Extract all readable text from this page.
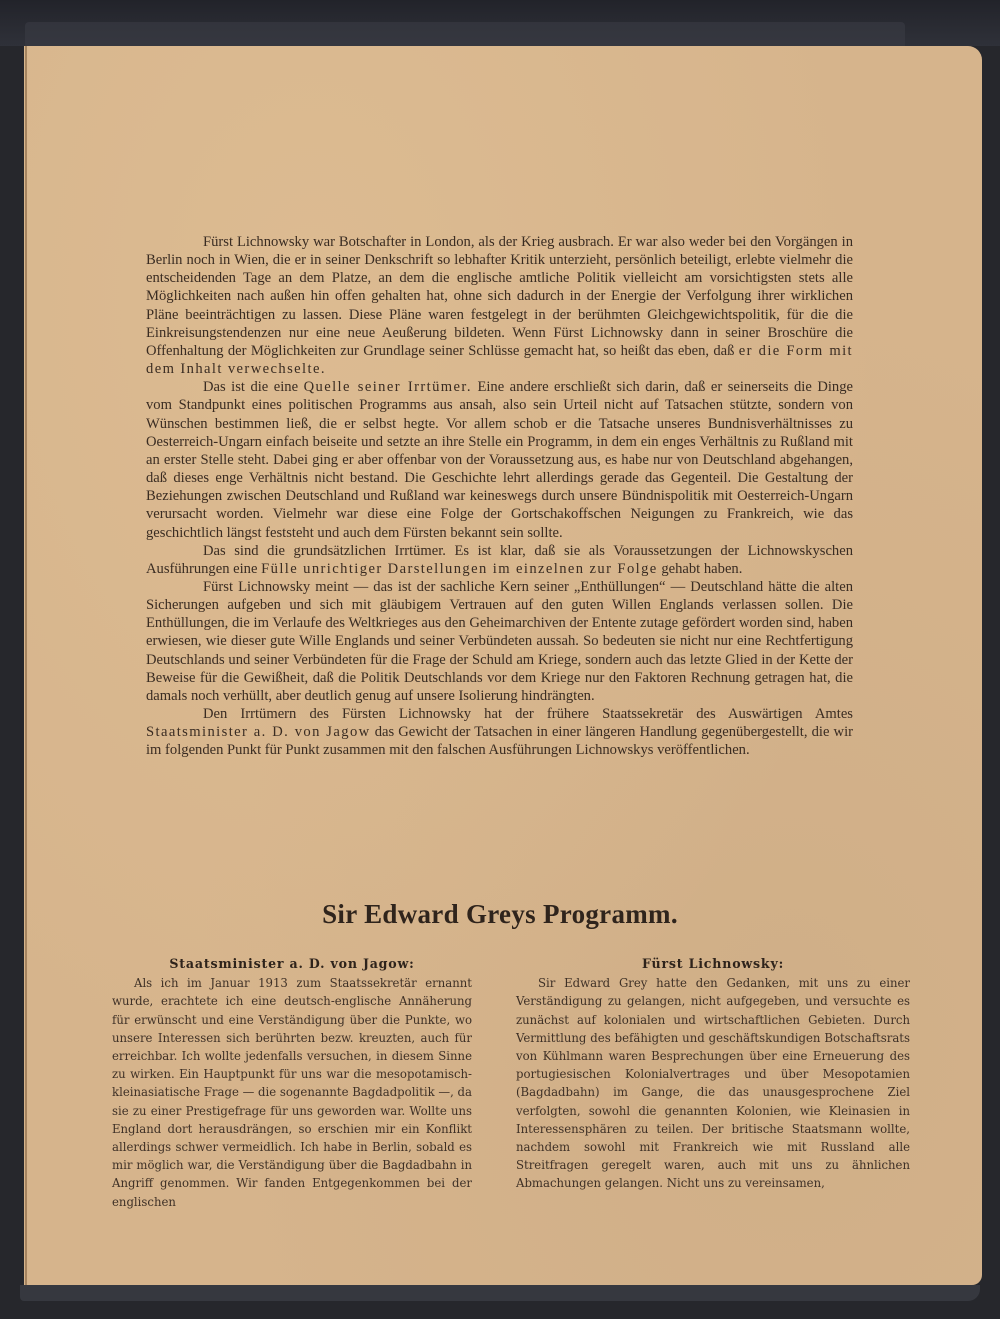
Fürst Lichnowsky war Botschafter in London, als der Krieg ausbrach. Er war also weder bei den Vorgängen in Berlin noch in Wien, die er in seiner Denkschrift so lebhafter Kritik unterzieht, persönlich beteiligt, erlebte vielmehr die entscheidenden Tage an dem Platze, an dem die englische amtliche Politik vielleicht am vorsichtigsten stets alle Möglichkeiten nach außen hin offen gehalten hat, ohne sich dadurch in der Energie der Verfolgung ihrer wirklichen Pläne beeinträchtigen zu lassen. Diese Pläne waren festgelegt in der berühmten Gleichgewichtspolitik, für die die Einkreisungstendenzen nur eine neue Aeußerung bildeten. Wenn Fürst Lichnowsky dann in seiner Broschüre die Offenhaltung der Möglichkeiten zur Grundlage seiner Schlüsse gemacht hat, so heißt das eben, daß er die Form mit dem Inhalt verwechselte.

Das ist die eine Quelle seiner Irrtümer. Eine andere erschließt sich darin, daß er seinerseits die Dinge vom Standpunkt eines politischen Programms aus ansah, also sein Urteil nicht auf Tatsachen stützte, sondern von Wünschen bestimmen ließ, die er selbst hegte. Vor allem schob er die Tatsache unseres Bundnisverhältnisses zu Oesterreich-Ungarn einfach beiseite und setzte an ihre Stelle ein Programm, in dem ein enges Verhältnis zu Rußland mit an erster Stelle steht. Dabei ging er aber offenbar von der Voraussetzung aus, es habe nur von Deutschland abgehangen, daß dieses enge Verhältnis nicht bestand. Die Geschichte lehrt allerdings gerade das Gegenteil. Die Gestaltung der Beziehungen zwischen Deutschland und Rußland war keineswegs durch unsere Bündnispolitik mit Oesterreich-Ungarn verursacht worden. Vielmehr war diese eine Folge der Gortschakoffschen Neigungen zu Frankreich, wie das geschichtlich längst feststeht und auch dem Fürsten bekannt sein sollte.

Das sind die grundsätzlichen Irrtümer. Es ist klar, daß sie als Voraussetzungen der Lichnowskyschen Ausführungen eine Fülle unrichtiger Darstellungen im einzelnen zur Folge gehabt haben.

Fürst Lichnowsky meint — das ist der sachliche Kern seiner „Enthüllungen“ — Deutschland hätte die alten Sicherungen aufgeben und sich mit gläubigem Vertrauen auf den guten Willen Englands verlassen sollen. Die Enthüllungen, die im Verlaufe des Weltkrieges aus den Geheimarchiven der Entente zutage gefördert worden sind, haben erwiesen, wie dieser gute Wille Englands und seiner Verbündeten aussah. So bedeuten sie nicht nur eine Rechtfertigung Deutschlands und seiner Verbündeten für die Frage der Schuld am Kriege, sondern auch das letzte Glied in der Kette der Beweise für die Gewißheit, daß die Politik Deutschlands vor dem Kriege nur den Faktoren Rechnung getragen hat, die damals noch verhüllt, aber deutlich genug auf unsere Isolierung hindrängten.

Den Irrtümern des Fürsten Lichnowsky hat der frühere Staatssekretär des Auswärtigen Amtes Staatsminister a. D. von Jagow das Gewicht der Tatsachen in einer längeren Handlung gegenübergestellt, die wir im folgenden Punkt für Punkt zusammen mit den falschen Ausführungen Lichnowskys veröffentlichen.

Sir Edward Greys Programm.
Staatsminister a. D. von Jagow:

Als ich im Januar 1913 zum Staatssekretär ernannt wurde, erachtete ich eine deutsch-englische Annäherung für erwünscht und eine Verständigung über die Punkte, wo unsere Interessen sich berührten bezw. kreuzten, auch für erreichbar. Ich wollte jedenfalls versuchen, in diesem Sinne zu wirken. Ein Hauptpunkt für uns war die mesopotamisch-kleinasiatische Frage — die sogenannte Bagdadpolitik —, da sie zu einer Prestigefrage für uns geworden war. Wollte uns England dort herausdrängen, so erschien mir ein Konflikt allerdings schwer vermeidlich. Ich habe in Berlin, sobald es mir möglich war, die Verständigung über die Bagdadbahn in Angriff genommen. Wir fanden Entgegenkommen bei der englischen

Fürst Lichnowsky:

Sir Edward Grey hatte den Gedanken, mit uns zu einer Verständigung zu gelangen, nicht aufgegeben, und versuchte es zunächst auf kolonialen und wirtschaftlichen Gebieten. Durch Vermittlung des befähigten und geschäftskundigen Botschaftsrats von Kühlmann waren Besprechungen über eine Erneuerung des portugiesischen Kolonialvertrages und über Mesopotamien (Bagdadbahn) im Gange, die das unausgesprochene Ziel verfolgten, sowohl die genannten Kolonien, wie Kleinasien in Interessensphären zu teilen. Der britische Staatsmann wollte, nachdem sowohl mit Frankreich wie mit Russland alle Streitfragen geregelt waren, auch mit uns zu ähnlichen Abmachungen gelangen. Nicht uns zu vereinsamen,
